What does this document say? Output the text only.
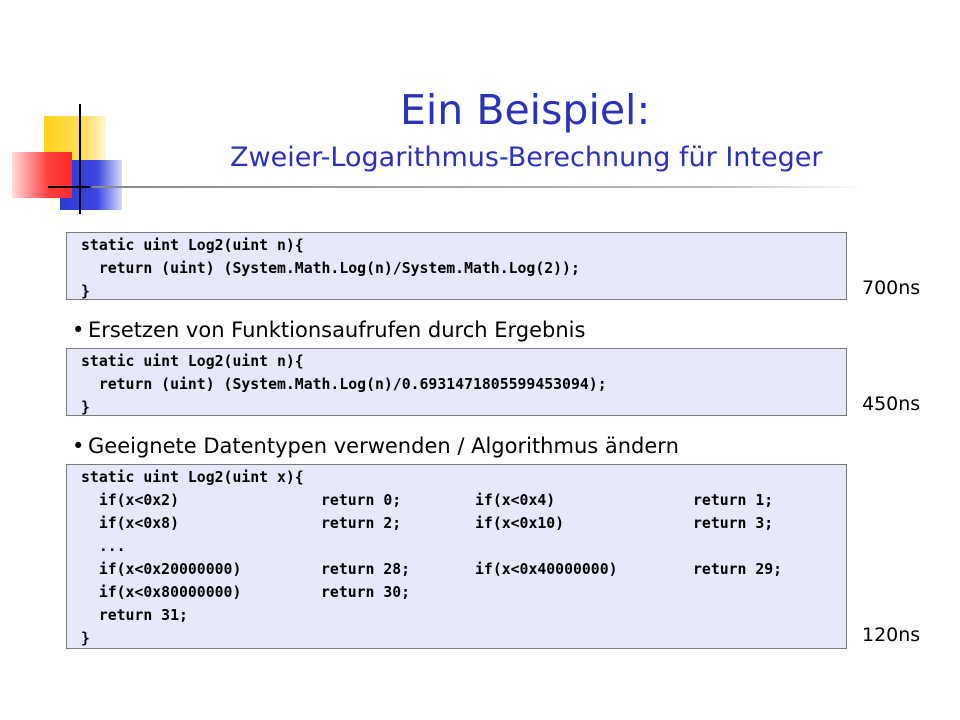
Ein Beispiel:
Zweier-Logarithmus-Berechnung für Integer
static uint Log2(uint n){
return (uint) (System.Math.Log(n)/System.Math.Log(2));
}	700ns
• Ersetzen von Funktionsaufrufen durch Ergebnis
static uint Log2(uint n){
return (uint) (System.Math.Log(n)/0.6931471805599453094);
}	450ns
• Geeignete Datentypen verwenden / Algorithmus ändern
static uint Log2(uint x){
if(x<0x2)	return 0;	if(x<0x4)	return 1;
if(x<0x8)	return 2;	if(x<0x10)	return 3;
...			
if(x<0x20000000)	return 28;	if(x<0x40000000)	return 29;
if(x<0x80000000)	return 30;		
return 31;			
}	120ns
